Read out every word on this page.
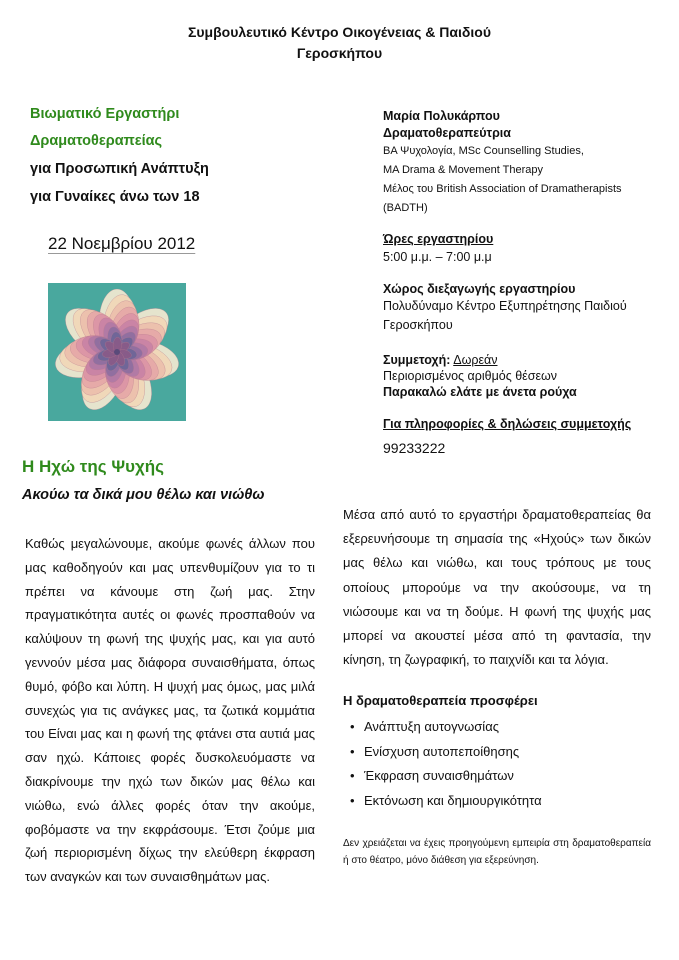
Συμβουλευτικό Κέντρο Οικογένειας & Παιδιού
Γεροσκήπου
Βιωματικό Εργαστήρι
Δραματοθεραπείας
για Προσωπική Ανάπτυξη
για Γυναίκες άνω των 18
22 Νοεμβρίου 2012
Μαρία Πολυκάρπου
Δραματοθεραπεύτρια
BA Ψυχολογία, MSc Counselling Studies,
MA Drama & Movement Therapy
Μέλος του British Association of Dramatherapists
(BADTH)
Ώρες εργαστηρίου
5:00 μ.μ. – 7:00 μ.μ
Χώρος διεξαγωγής εργαστηρίου
Πολυδύναμο Κέντρο Εξυπηρέτησης Παιδιού
Γεροσκήπου
Συμμετοχή: Δωρεάν
Περιορισμένος αριθμός θέσεων
Παρακαλώ ελάτε με άνετα ρούχα
Για πληροφορίες & δηλώσεις συμμετοχής
99233222
Η Ηχώ της Ψυχής
Ακούω τα δικά μου θέλω και νιώθω
Καθώς μεγαλώνουμε, ακούμε φωνές άλλων που μας καθοδηγούν και μας υπενθυμίζουν για το τι πρέπει να κάνουμε στη ζωή μας. Στην πραγματικότητα αυτές οι φωνές προσπαθούν να καλύψουν τη φωνή της ψυχής μας, και για αυτό γεννούν μέσα μας διάφορα συναισθήματα, όπως θυμό, φόβο και λύπη. Η ψυχή μας όμως, μας μιλά συνεχώς για τις ανάγκες μας, τα ζωτικά κομμάτια του Είναι μας και η φωνή της φτάνει στα αυτιά μας σαν ηχώ. Κάποιες φορές δυσκολευόμαστε να διακρίνουμε την ηχώ των δικών μας θέλω και νιώθω, ενώ άλλες φορές όταν την ακούμε, φοβόμαστε να την εκφράσουμε. Έτσι ζούμε μια ζωή περιορισμένη δίχως την ελεύθερη έκφραση των αναγκών και των συναισθημάτων μας.
Μέσα από αυτό το εργαστήρι δραματοθεραπείας θα εξερευνήσουμε τη σημασία της «Ηχούς» των δικών μας θέλω και νιώθω, και τους τρόπους με τους οποίους μπορούμε να την ακούσουμε, να τη νιώσουμε και να τη δούμε. Η φωνή της ψυχής μας μπορεί να ακουστεί μέσα από τη φαντασία, την κίνηση, τη ζωγραφική, το παιχνίδι και τα λόγια.
Η δραματοθεραπεία προσφέρει
• Ανάπτυξη αυτογνωσίας
• Ενίσχυση αυτοπεποίθησης
• Έκφραση συναισθημάτων
• Εκτόνωση και δημιουργικότητα
Δεν χρειάζεται να έχεις προηγούμενη εμπειρία στη δραματοθεραπεία ή στο θέατρο, μόνο διάθεση για εξερεύνηση.
